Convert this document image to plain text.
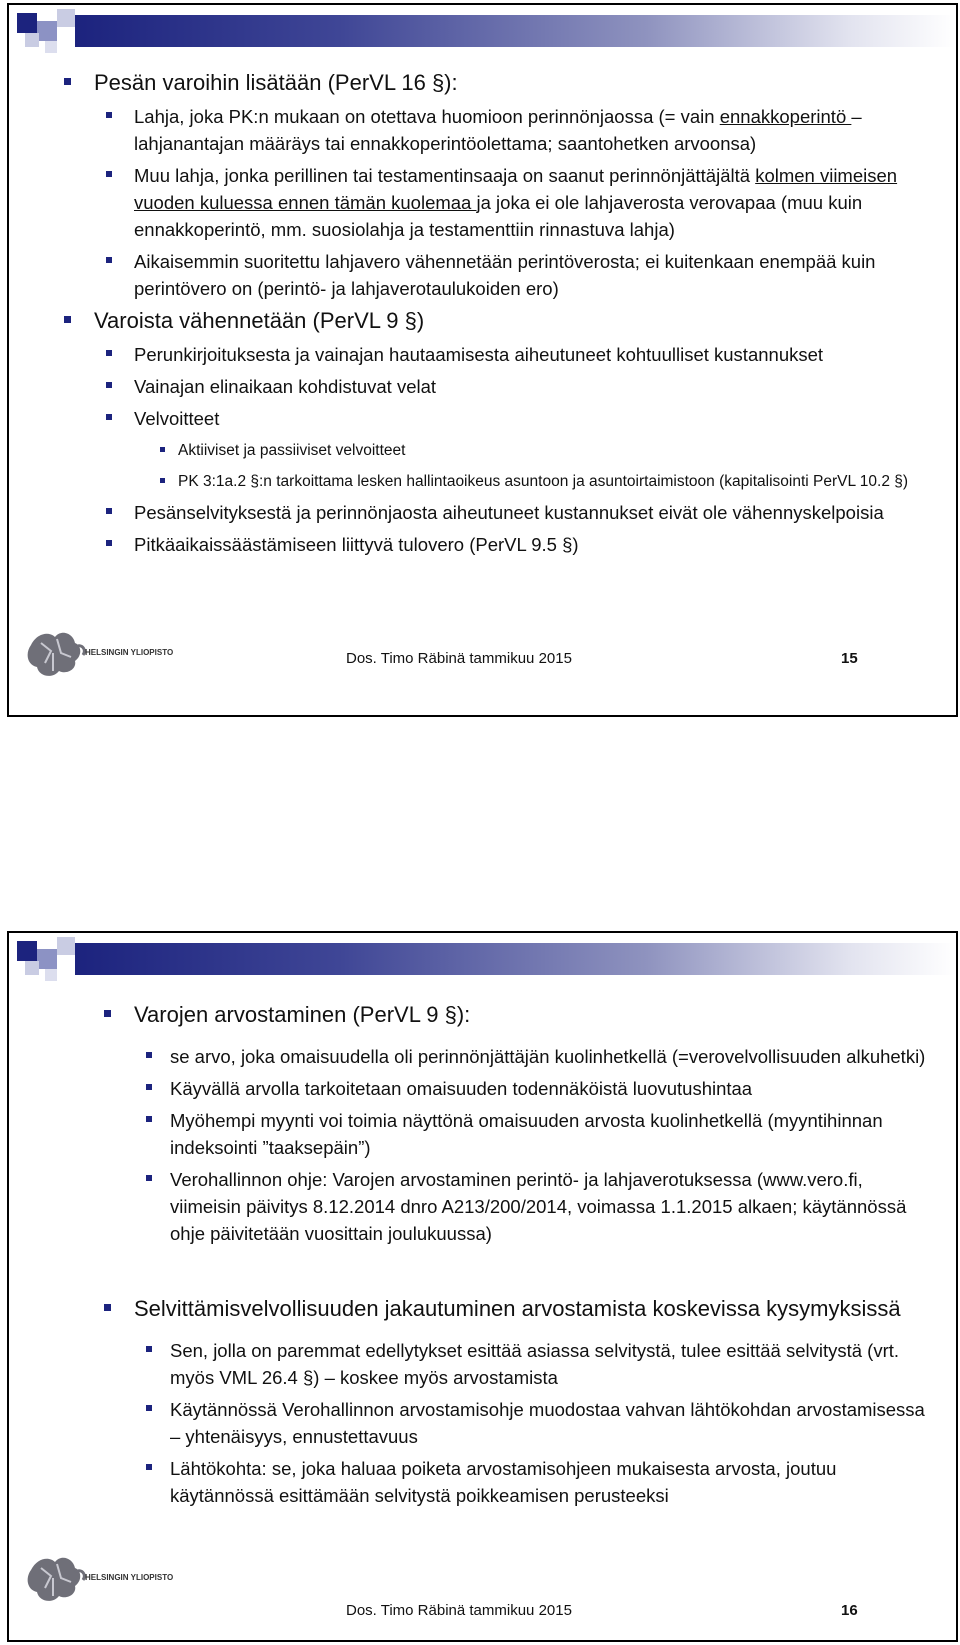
Pesän varoihin lisätään (PerVL 16 §):
Lahja, joka PK:n mukaan on otettava huomioon perinnönjaossa (= vain ennakkoperintö – lahjanantajan määräys tai ennakkoperintöolettama; saantohetken arvoonsa)
Muu lahja, jonka perillinen tai testamentinsaaja on saanut perinnönjättäjältä kolmen viimeisen vuoden kuluessa ennen tämän kuolemaa ja joka ei ole lahjaverosta verovapaa (muu kuin ennakkoperintö, mm. suosiolahja ja testamenttiin rinnastuva lahja)
Aikaisemmin suoritettu lahjavero vähennetään perintöverosta; ei kuitenkaan enempää kuin perintövero on (perintö- ja lahjaverotaulukoiden ero)
Varoista vähennetään (PerVL 9 §)
Perunkirjoituksesta ja vainajan hautaamisesta aiheutuneet kohtuulliset kustannukset
Vainajan elinaikaan kohdistuvat velat
Velvoitteet
Aktiiviset ja passiiviset velvoitteet
PK 3:1a.2 §:n tarkoittama lesken hallintaoikeus asuntoon ja asuntoirtaimistoon (kapitalisointi PerVL 10.2 §)
Pesänselvityksestä ja perinnönjaosta aiheutuneet kustannukset eivät ole vähennyskelpoisia
Pitkäaikaissäästämiseen liittyvä tulovero (PerVL 9.5 §)
HELSINGIN YLIOPISTO	Dos. Timo Räbinä tammikuu 2015	15
Varojen arvostaminen (PerVL 9 §):
se arvo, joka omaisuudella oli perinnönjättäjän kuolinhetkellä (=verovelvollisuuden alkuhetki)
Käyvällä arvolla tarkoitetaan omaisuuden todennäköistä luovutushintaa
Myöhempi myynti voi toimia näyttönä omaisuuden arvosta kuolinhetkellä (myyntihinnan indeksointi ”taaksepäin”)
Verohallinnon ohje: Varojen arvostaminen perintö- ja lahjaverotuksessa (www.vero.fi, viimeisin päivitys 8.12.2014 dnro A213/200/2014, voimassa 1.1.2015 alkaen; käytännössä ohje päivitetään vuosittain joulukuussa)
Selvittämisvelvollisuuden jakautuminen arvostamista koskevissa kysymyksissä
Sen, jolla on paremmat edellytykset esittää asiassa selvitystä, tulee esittää selvitystä (vrt. myös VML 26.4 §) – koskee myös arvostamista
Käytännössä Verohallinnon arvostamisohje muodostaa vahvan lähtökohdan arvostamisessa – yhtenäisyys, ennustettavuus
Lähtökohta: se, joka haluaa poiketa arvostamisohjeen mukaisesta arvosta, joutuu käytännössä esittämään selvitystä poikkeamisen perusteeksi
HELSINGIN YLIOPISTO
Dos. Timo Räbinä tammikuu 2015	16
